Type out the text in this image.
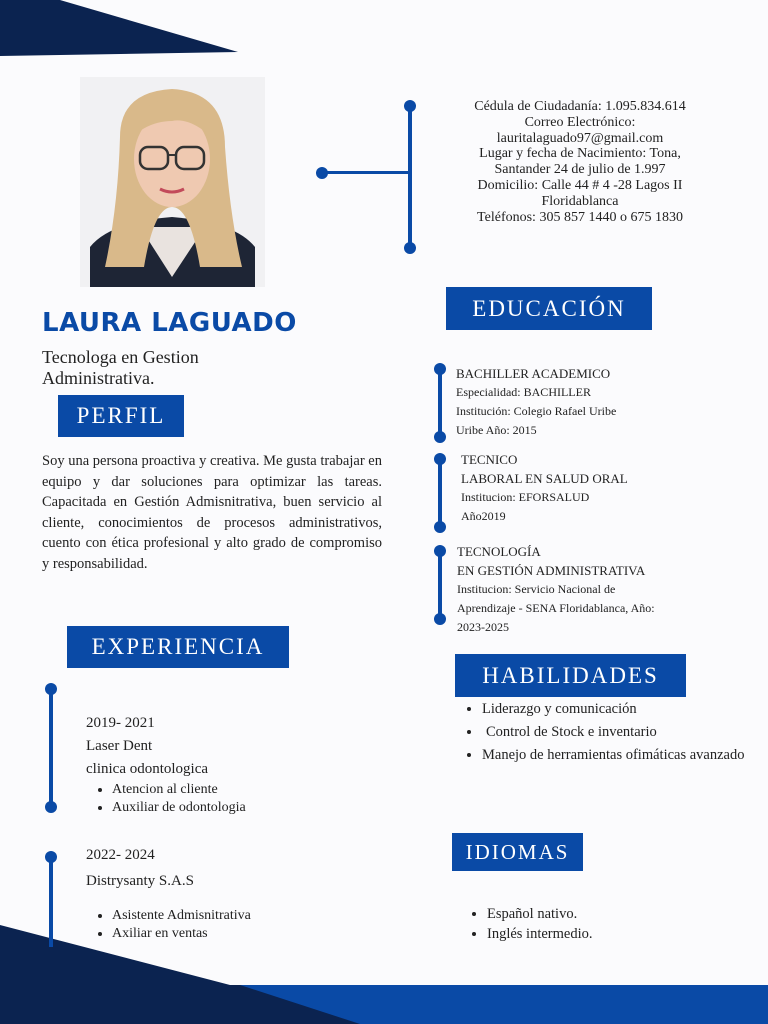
Cédula de Ciudadanía: 1.095.834.614
Correo Electrónico:
lauritalaguado97@gmail.com
Lugar y fecha de Nacimiento: Tona,
Santander 24 de julio de 1.997
Domicilio: Calle 44 # 4 -28 Lagos II
Floridablanca
Teléfonos: 305 857 1440 o 675 1830
LAURA LAGUADO
Tecnologa en Gestion
Administrativa.
PERFIL
Soy una persona proactiva y creativa. Me gusta trabajar en equipo y dar soluciones para optimizar las tareas. Capacitada en Gestión Admisnitrativa, buen servicio al cliente, conocimientos de procesos administrativos, cuento con ética profesional y alto grado de compromiso y responsabilidad.
EXPERIENCIA
2019- 2021
Laser Dent
clinica odontologica
• Atencion al cliente
• Auxiliar de odontologia
2022- 2024
Distrysanty S.A.S
• Asistente Admisnitrativa
• Axiliar en ventas
EDUCACIÓN
BACHILLER ACADEMICO
Especialidad: BACHILLER
Institución: Colegio Rafael Uribe
Uribe Año: 2015
TECNICO
LABORAL EN SALUD ORAL
Institucion: EFORSALUD
Año2019
TECNOLOGÍA
EN GESTIÓN ADMINISTRATIVA
Institucion: Servicio Nacional de
Aprendizaje - SENA Floridablanca, Año:
2023-2025
HABILIDADES
• Liderazgo y comunicación
• Control de Stock e inventario
• Manejo de herramientas ofimáticas avanzado
IDIOMAS
• Español nativo.
• Inglés intermedio.
